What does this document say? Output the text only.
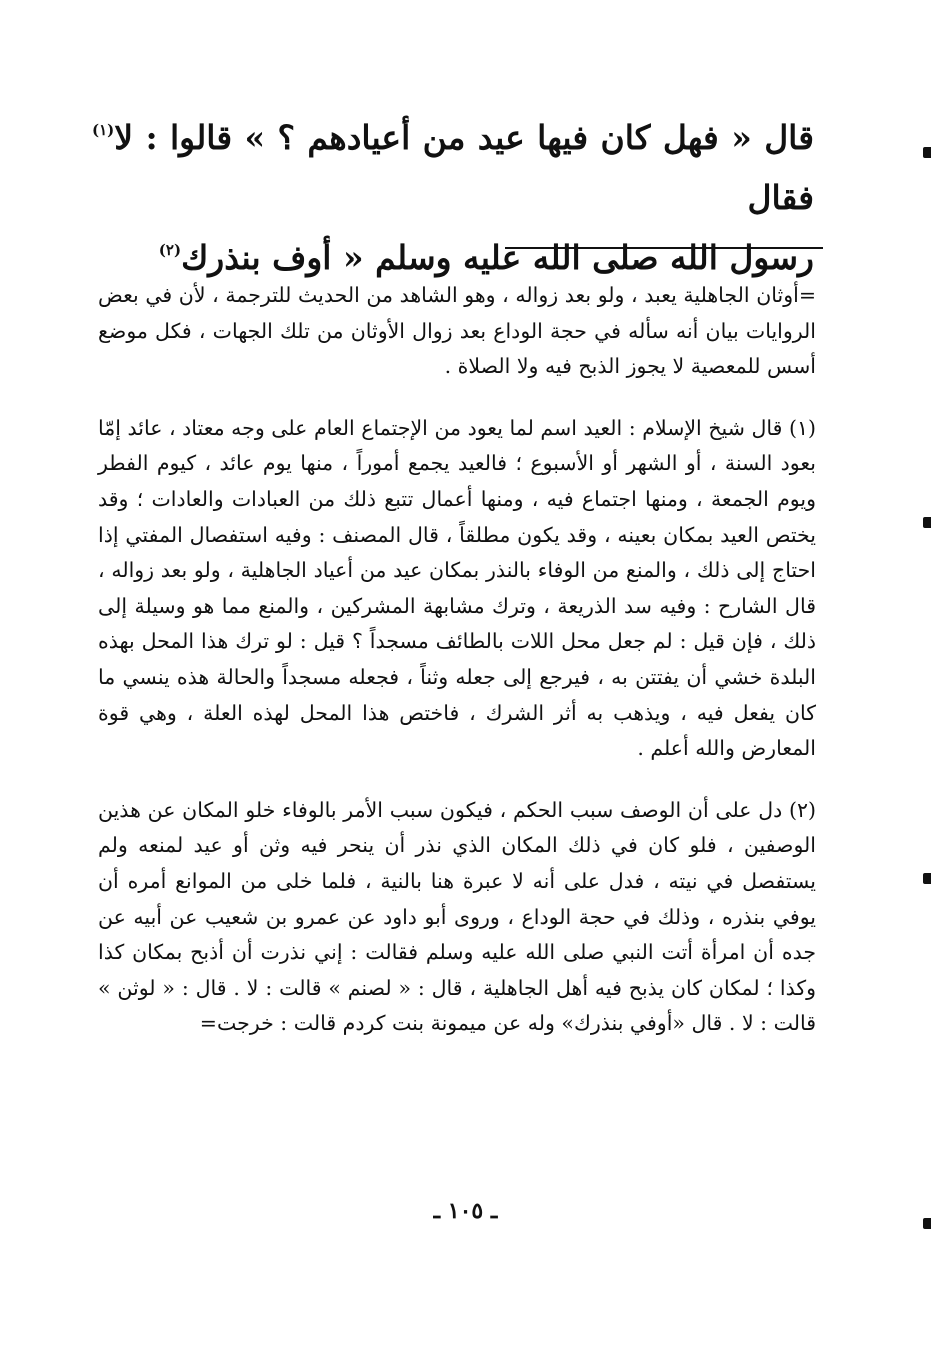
قال « فهل كان فيها عيد من أعيادهم ؟ » قالوا : لا$^{(١)}$ فقال

رسول الله صلى الله عليه وسلم « أوف بنذرك$^{(٢)}$

=أوثان الجاهلية يعبد ، ولو بعد زواله ، وهو الشاهد من الحديث للترجمة ، لأن في بعض الروايات بيان أنه سأله في حجة الوداع بعد زوال الأوثان من تلك الجهات ، فكل موضع أسس للمعصية لا يجوز الذبح فيه ولا الصلاة .

(١) قال شيخ الإسلام : العيد اسم لما يعود من الإجتماع العام على وجه معتاد ، عائد إمّا بعود السنة ، أو الشهر أو الأسبوع ؛ فالعيد يجمع أموراً ، منها يوم عائد ، كيوم الفطر ويوم الجمعة ، ومنها اجتماع فيه ، ومنها أعمال تتبع ذلك من العبادات والعادات ؛ وقد يختص العيد بمكان بعينه ، وقد يكون مطلقاً ، قال المصنف : وفيه استفصال المفتي إذا احتاج إلى ذلك ، والمنع من الوفاء بالنذر بمكان عيد من أعياد الجاهلية ، ولو بعد زواله ، قال الشارح : وفيه سد الذريعة ، وترك مشابهة المشركين ، والمنع مما هو وسيلة إلى ذلك ، فإن قيل : لم جعل محل اللات بالطائف مسجداً ؟ قيل : لو ترك هذا المحل بهذه البلدة خشي أن يفتتن به ، فيرجع إلى جعله وثناً ، فجعله مسجداً والحالة هذه ينسي ما كان يفعل فيه ، ويذهب به أثر الشرك ، فاختص هذا المحل لهذه العلة ، وهي قوة المعارض والله أعلم .

(٢) دل على أن الوصف سبب الحكم ، فيكون سبب الأمر بالوفاء خلو المكان عن هذين الوصفين ، فلو كان في ذلك المكان الذي نذر أن ينحر فيه وثن أو عيد لمنعه ولم يستفصل في نيته ، فدل على أنه لا عبرة هنا بالنية ، فلما خلى من الموانع أمره أن يوفي بنذره ، وذلك في حجة الوداع ، وروى أبو داود عن عمرو بن شعيب عن أبيه عن جده أن امرأة أتت النبي صلى الله عليه وسلم فقالت : إني نذرت أن أذبح بمكان كذا وكذا ؛ لمكان كان يذبح فيه أهل الجاهلية ، قال : « لصنم » قالت : لا . قال : « لوثن » قالت : لا . قال «أوفي بنذرك» وله عن ميمونة بنت كردم قالت : خرجت=

ـ ١٠٥ ـ
